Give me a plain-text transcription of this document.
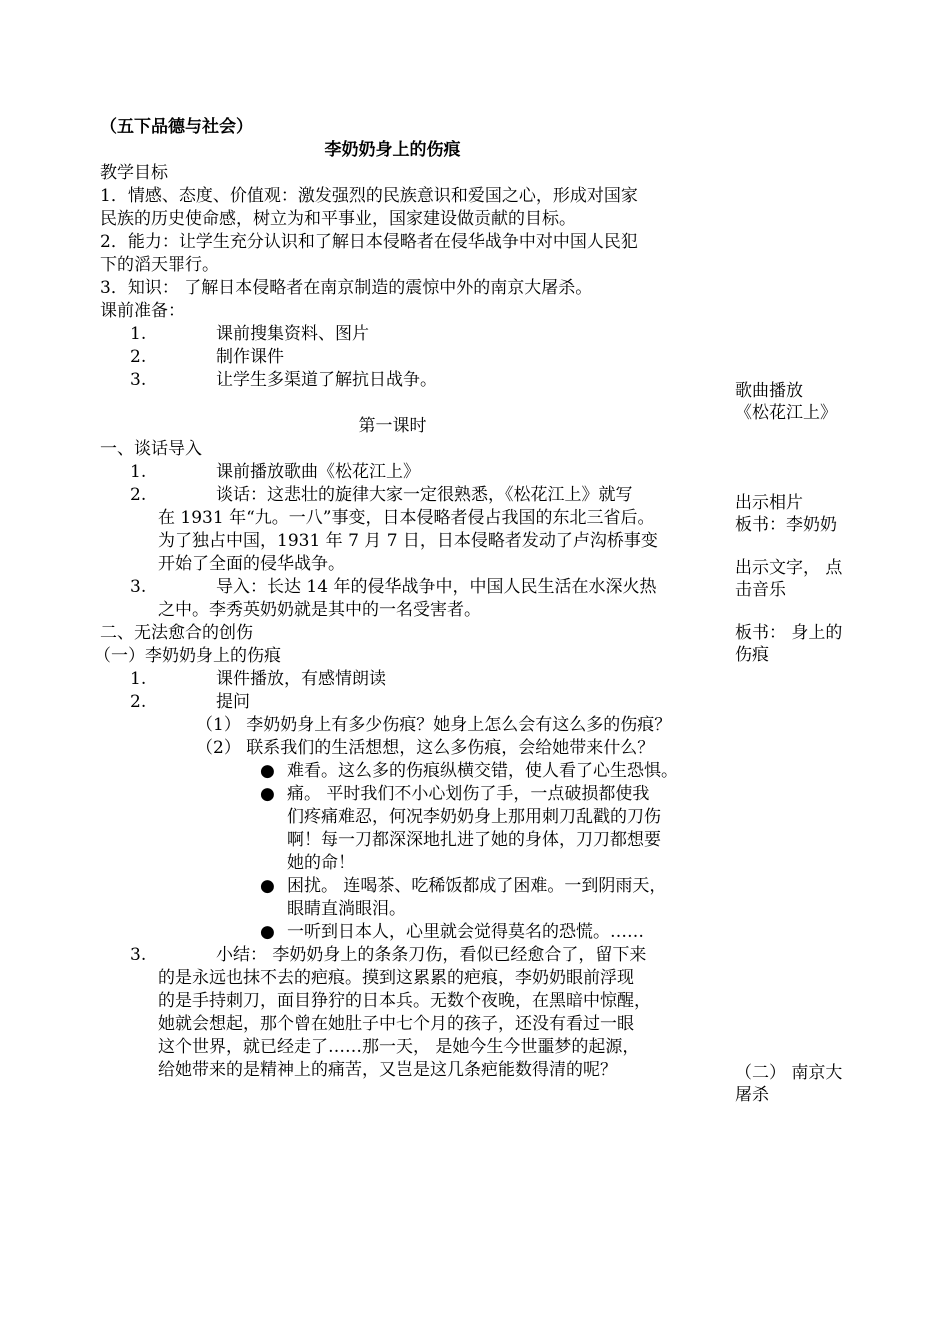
（五下品德与社会）
李奶奶身上的伤痕
教学目标
1．情感、态度、价值观：激发强烈的民族意识和爱国之心，形成对国家
民族的历史使命感，树立为和平事业，国家建设做贡献的目标。
2．能力：让学生充分认识和了解日本侵略者在侵华战争中对中国人民犯
下的滔天罪行。
3．知识： 了解日本侵略者在南京制造的震惊中外的南京大屠杀。
课前准备：
1.	课前搜集资料、图片
2.	制作课件
3.	让学生多渠道了解抗日战争。
第一课时
一、谈话导入
1.	课前播放歌曲《松花江上》
2.	谈话：这悲壮的旋律大家一定很熟悉，《松花江上》就写
在 1931 年“九。一八”事变，日本侵略者侵占我国的东北三省后。
为了独占中国，1931 年 7 月 7 日，日本侵略者发动了卢沟桥事变
开始了全面的侵华战争。
3.	导入：长达 14 年的侵华战争中，中国人民生活在水深火热
之中。李秀英奶奶就是其中的一名受害者。
二、无法愈合的创伤
（一）李奶奶身上的伤痕
1.	课件播放，有感情朗读
2.	提问
（1） 李奶奶身上有多少伤痕？她身上怎么会有这么多的伤痕？
（2） 联系我们的生活想想，这么多伤痕，会给她带来什么？
● 难看。这么多的伤痕纵横交错，使人看了心生恐惧。
● 痛。 平时我们不小心划伤了手，一点破损都使我
们疼痛难忍，何况李奶奶身上那用刺刀乱戳的刀伤
啊！每一刀都深深地扎进了她的身体，刀刀都想要
她的命！
● 困扰。 连喝茶、吃稀饭都成了困难。一到阴雨天，
眼睛直淌眼泪。
● 一听到日本人，心里就会觉得莫名的恐慌。……
3.	小结： 李奶奶身上的条条刀伤，看似已经愈合了，留下来
的是永远也抹不去的疤痕。摸到这累累的疤痕，李奶奶眼前浮现
的是手持刺刀，面目狰狞的日本兵。无数个夜晚，在黑暗中惊醒，
她就会想起，那个曾在她肚子中七个月的孩子，还没有看过一眼
这个世界，就已经走了……那一天， 是她今生今世噩梦的起源，
给她带来的是精神上的痛苦，又岂是这几条疤能数得清的呢？
歌曲播放
《松花江上》
出示相片
板书：李奶奶
出示文字， 点
击音乐
板书： 身上的
伤痕
（二） 南京大
屠杀
